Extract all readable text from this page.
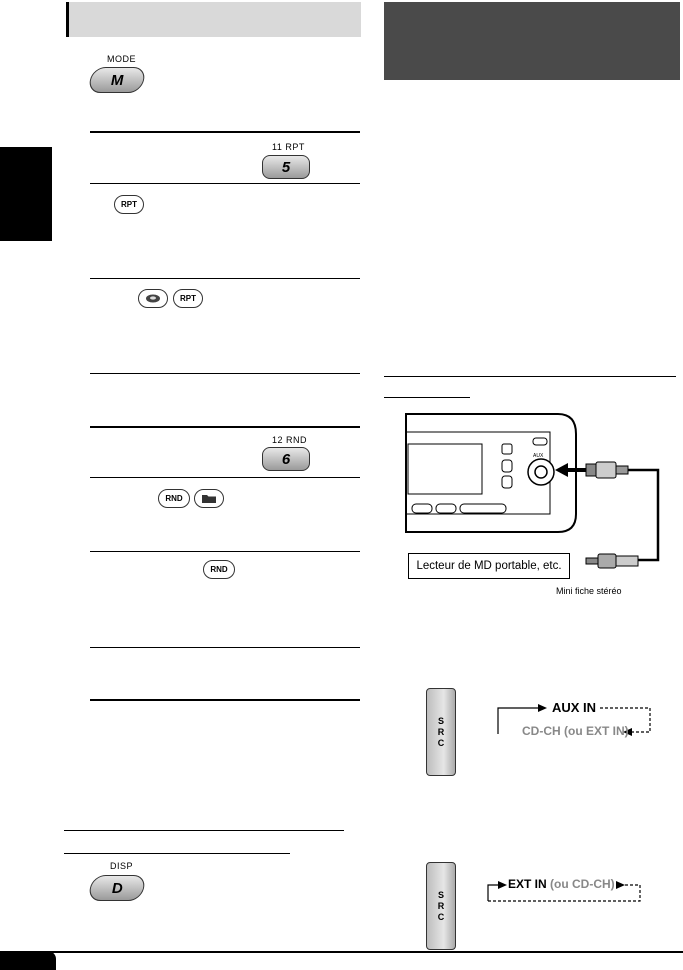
MODE
M
11 RPT
5
RPT
RPT
12 RND
6
RND
RND
DISP
D
Lecteur de MD portable, etc.
Mini fiche stéréo
AUX
S
R
C
AUX IN
CD-CH (ou EXT IN)
S
R
C
EXT IN (ou CD-CH)
